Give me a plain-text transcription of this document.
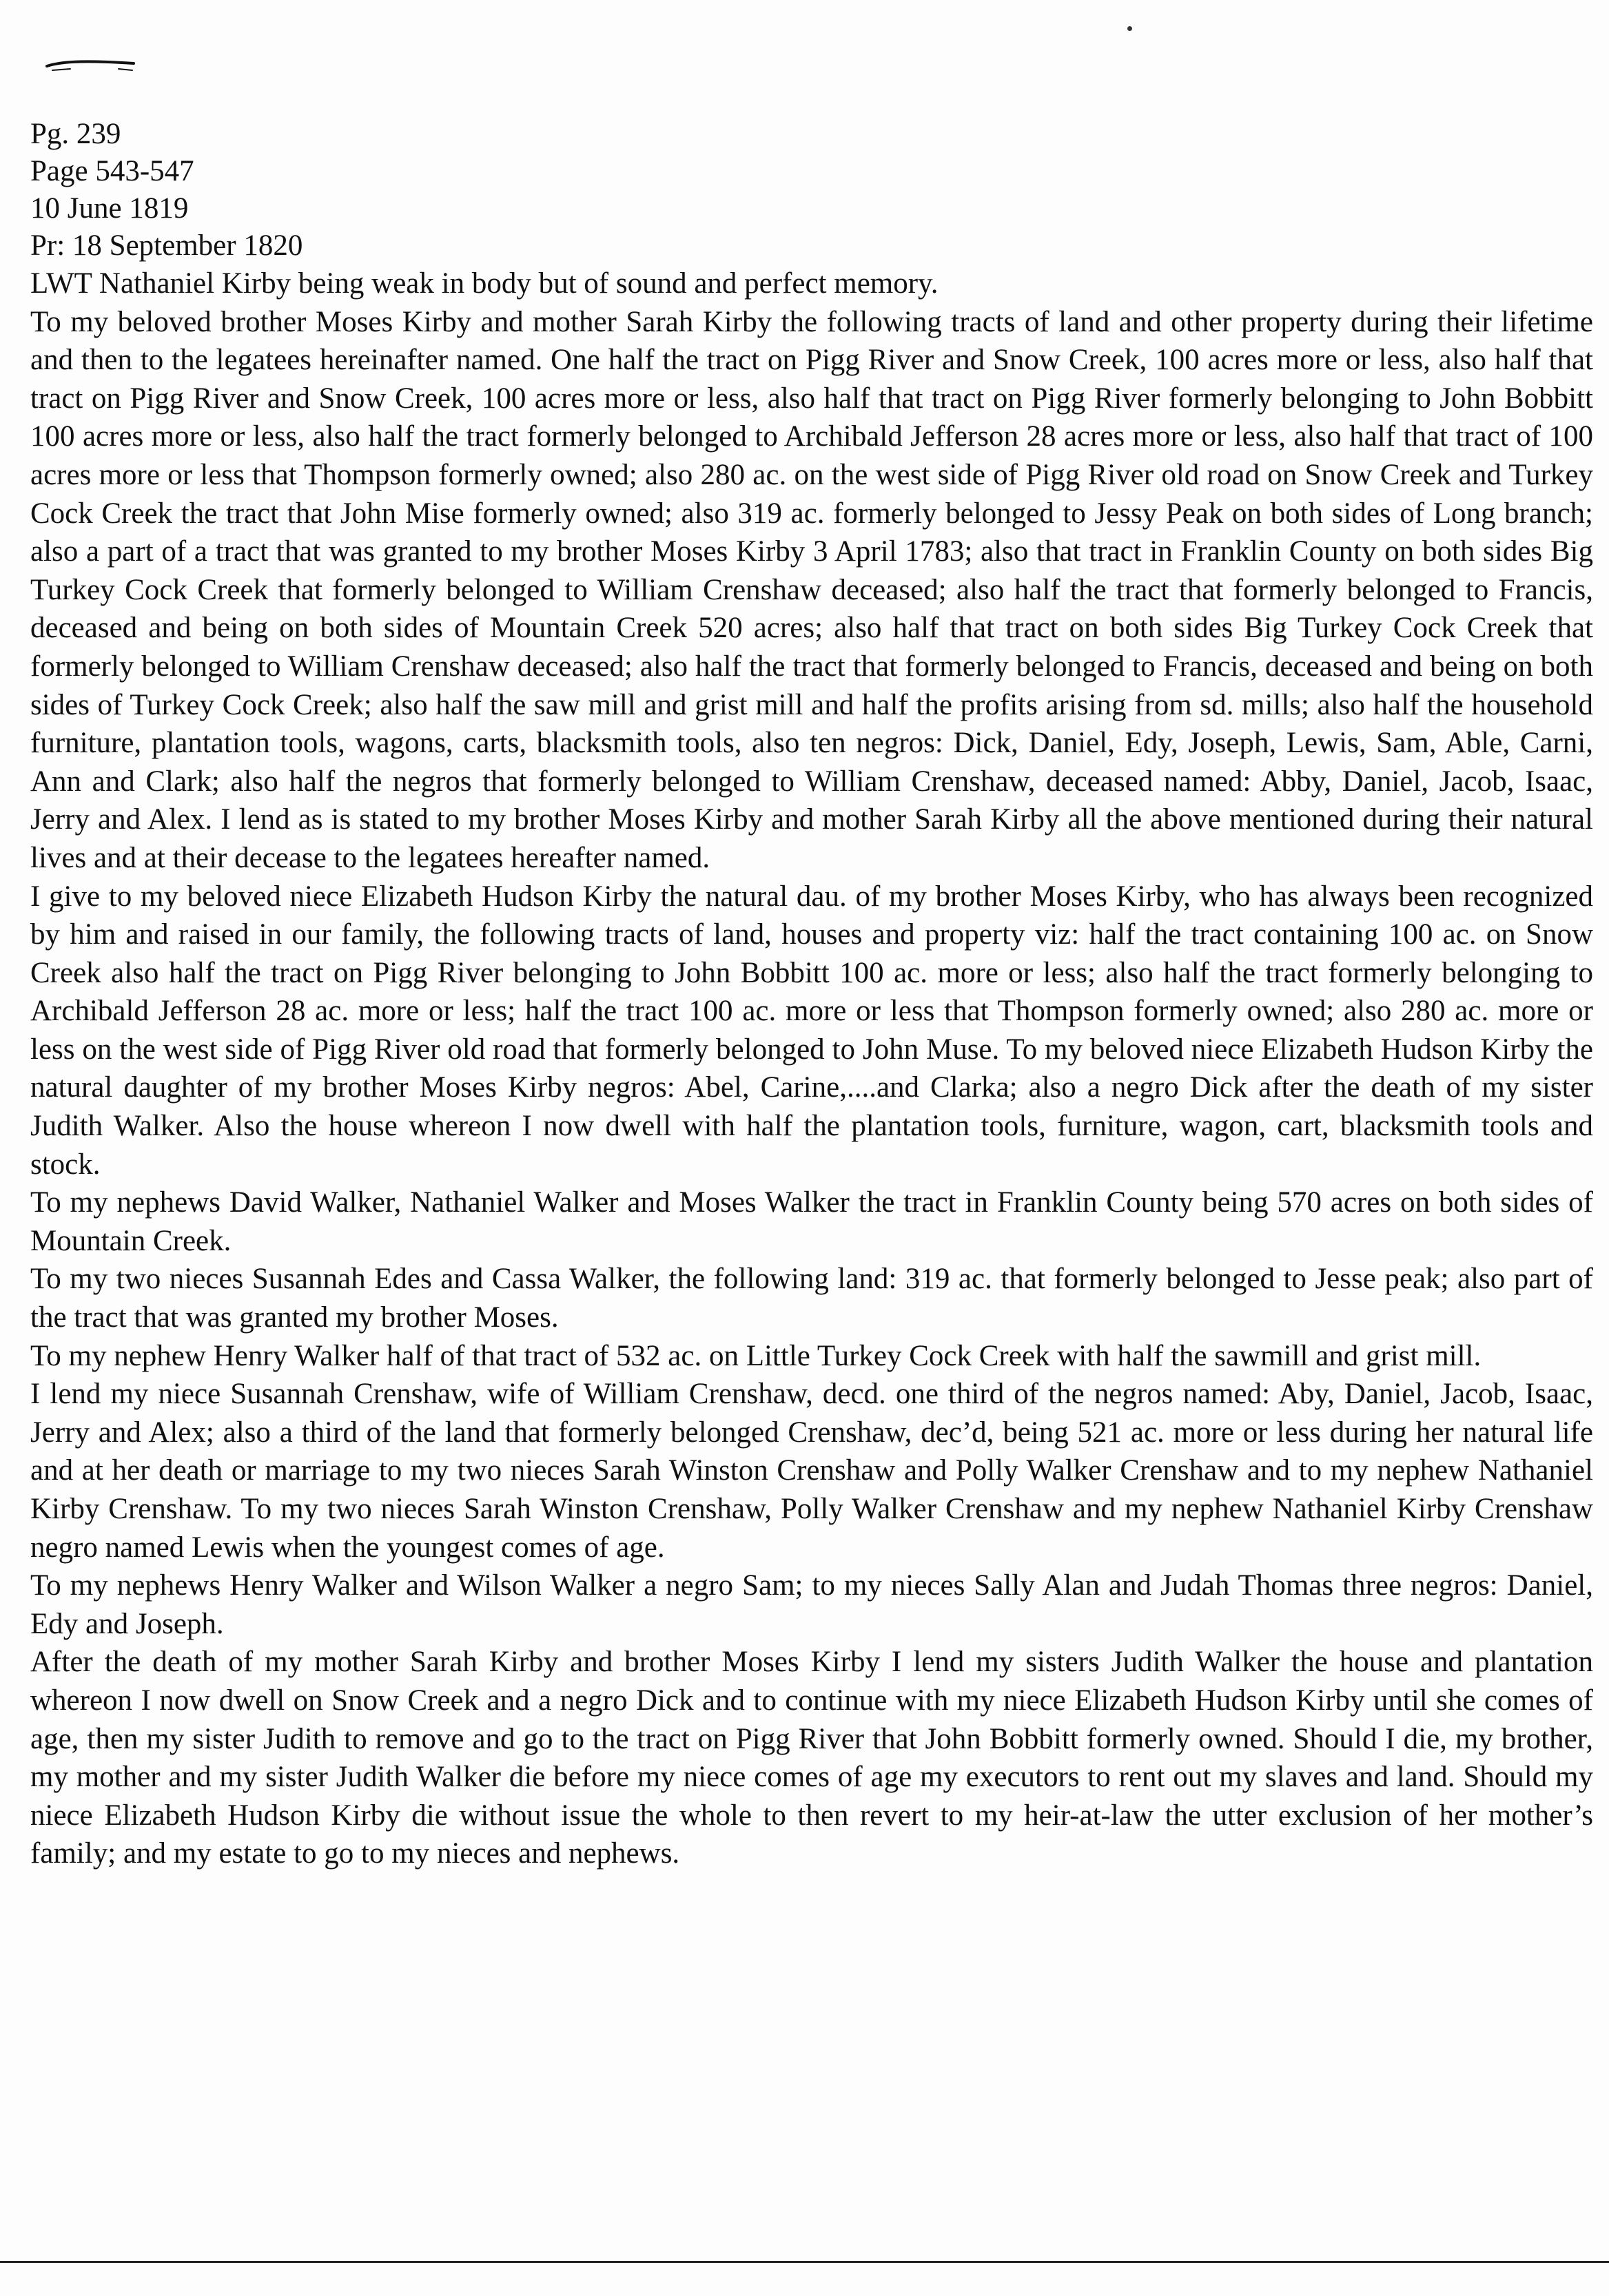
Pg. 239
Page 543-547
10 June 1819
Pr: 18 September 1820

LWT Nathaniel Kirby being weak in body but of sound and perfect memory.

To my beloved brother Moses Kirby and mother Sarah Kirby the following tracts of land and other property during their lifetime and then to the legatees hereinafter named. One half the tract on Pigg River and Snow Creek, 100 acres more or less, also half that tract on Pigg River and Snow Creek, 100 acres more or less, also half that tract on Pigg River formerly belonging to John Bobbitt 100 acres more or less, also half the tract formerly belonged to Archibald Jefferson 28 acres more or less, also half that tract of 100 acres more or less that Thompson formerly owned; also 280 ac. on the west side of Pigg River old road on Snow Creek and Turkey Cock Creek the tract that John Mise formerly owned; also 319 ac. formerly belonged to Jessy Peak on both sides of Long branch; also a part of a tract that was granted to my brother Moses Kirby 3 April 1783; also that tract in Franklin County on both sides Big Turkey Cock Creek that formerly belonged to William Crenshaw deceased; also half the tract that formerly belonged to Francis, deceased and being on both sides of Mountain Creek 520 acres; also half that tract on both sides Big Turkey Cock Creek that formerly belonged to William Crenshaw deceased; also half the tract that formerly belonged to Francis, deceased and being on both sides of Turkey Cock Creek; also half the saw mill and grist mill and half the profits arising from sd. mills; also half the household furniture, plantation tools, wagons, carts, blacksmith tools, also ten negros: Dick, Daniel, Edy, Joseph, Lewis, Sam, Able, Carni, Ann and Clark; also half the negros that formerly belonged to William Crenshaw, deceased named: Abby, Daniel, Jacob, Isaac, Jerry and Alex. I lend as is stated to my brother Moses Kirby and mother Sarah Kirby all the above mentioned during their natural lives and at their decease to the legatees hereafter named.

I give to my beloved niece Elizabeth Hudson Kirby the natural dau. of my brother Moses Kirby, who has always been recognized by him and raised in our family, the following tracts of land, houses and property viz: half the tract containing 100 ac. on Snow Creek also half the tract on Pigg River belonging to John Bobbitt 100 ac. more or less; also half the tract formerly belonging to Archibald Jefferson 28 ac. more or less; half the tract 100 ac. more or less that Thompson formerly owned; also 280 ac. more or less on the west side of Pigg River old road that formerly belonged to John Muse. To my beloved niece Elizabeth Hudson Kirby the natural daughter of my brother Moses Kirby negros: Abel, Carine,....and Clarka; also a negro Dick after the death of my sister Judith Walker. Also the house whereon I now dwell with half the plantation tools, furniture, wagon, cart, blacksmith tools and stock.

To my nephews David Walker, Nathaniel Walker and Moses Walker the tract in Franklin County being 570 acres on both sides of Mountain Creek.

To my two nieces Susannah Edes and Cassa Walker, the following land: 319 ac. that formerly belonged to Jesse peak; also part of the tract that was granted my brother Moses.

To my nephew Henry Walker half of that tract of 532 ac. on Little Turkey Cock Creek with half the sawmill and grist mill.

I lend my niece Susannah Crenshaw, wife of William Crenshaw, decd. one third of the negros named: Aby, Daniel, Jacob, Isaac, Jerry and Alex; also a third of the land that formerly belonged Crenshaw, dec’d, being 521 ac. more or less during her natural life and at her death or marriage to my two nieces Sarah Winston Crenshaw and Polly Walker Crenshaw and to my nephew Nathaniel Kirby Crenshaw. To my two nieces Sarah Winston Crenshaw, Polly Walker Crenshaw and my nephew Nathaniel Kirby Crenshaw negro named Lewis when the youngest comes of age.

To my nephews Henry Walker and Wilson Walker a negro Sam; to my nieces Sally Alan and Judah Thomas three negros: Daniel, Edy and Joseph.

After the death of my mother Sarah Kirby and brother Moses Kirby I lend my sisters Judith Walker the house and plantation whereon I now dwell on Snow Creek and a negro Dick and to continue with my niece Elizabeth Hudson Kirby until she comes of age, then my sister Judith to remove and go to the tract on Pigg River that John Bobbitt formerly owned. Should I die, my brother, my mother and my sister Judith Walker die before my niece comes of age my executors to rent out my slaves and land. Should my niece Elizabeth Hudson Kirby die without issue the whole to then revert to my heir-at-law the utter exclusion of her mother’s family; and my estate to go to my nieces and nephews.
